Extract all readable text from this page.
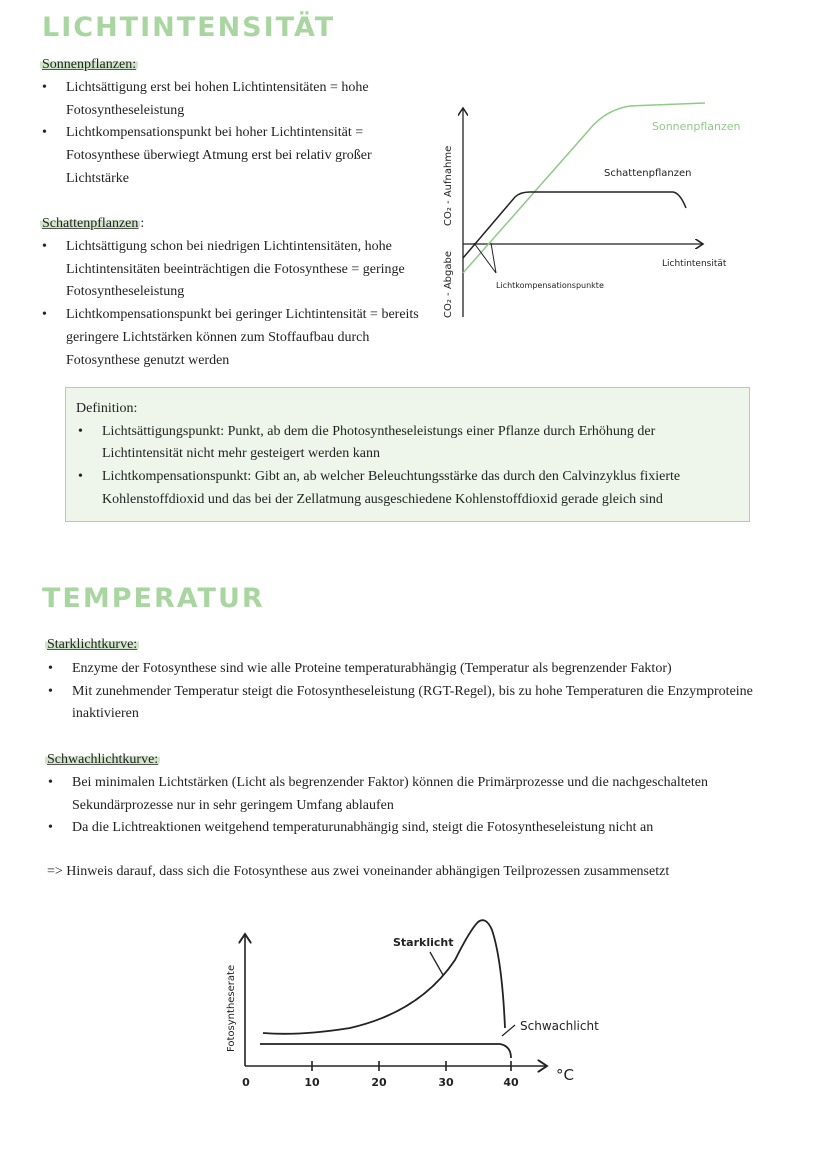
LICHTINTENSITÄT
Sonnenpflanzen:
• Lichtsättigung erst bei hohen Lichtintensitäten = hohe Fotosyntheseleistung
• Lichtkompensationspunkt bei hoher Lichtintensität = Fotosynthese überwiegt Atmung erst bei relativ großer Lichtstärke
Schattenpflanzen :
• Lichtsättigung schon bei niedrigen Lichtintensitäten, hohe Lichtintensitäten beeinträchtigen die Fotosynthese = geringe Fotosyntheseleistung
• Lichtkompensationspunkt bei geringer Lichtintensität = bereits geringere Lichtstärken können zum Stoffaufbau durch Fotosynthese genutzt werden
Sonnenpflanzen
Schattenpflanzen
Lichtintensität
Lichtkompensationspunkte
CO₂ - Aufnahme
CO₂ - Abgabe
Definition:
• Lichtsättigungspunkt: Punkt, ab dem die Photosyntheseleistungs einer Pflanze durch Erhöhung der Lichtintensität nicht mehr gesteigert werden kann
• Lichtkompensationspunkt: Gibt an, ab welcher Beleuchtungsstärke das durch den Calvinzyklus fixierte Kohlenstoffdioxid und das bei der Zellatmung ausgeschiedene Kohlenstoffdioxid gerade gleich sind
TEMPERATUR
Starklichtkurve:
• Enzyme der Fotosynthese sind wie alle Proteine temperaturabhängig (Temperatur als begrenzender Faktor)
• Mit zunehmender Temperatur steigt die Fotosyntheseleistung (RGT-Regel), bis zu hohe Temperaturen die Enzymproteine inaktivieren
Schwachlichtkurve:
• Bei minimalen Lichtstärken (Licht als begrenzender Faktor) können die Primärprozesse und die nachgeschalteten Sekundärprozesse nur in sehr geringem Umfang ablaufen
• Da die Lichtreaktionen weitgehend temperaturunabhängig sind, steigt die Fotosyntheseleistung nicht an
=> Hinweis darauf, dass sich die Fotosynthese aus zwei voneinander abhängigen Teilprozessen zusammensetzt
0	10	20	30	40 °C
Starklicht
Schwachlicht
Fotosyntheserate
